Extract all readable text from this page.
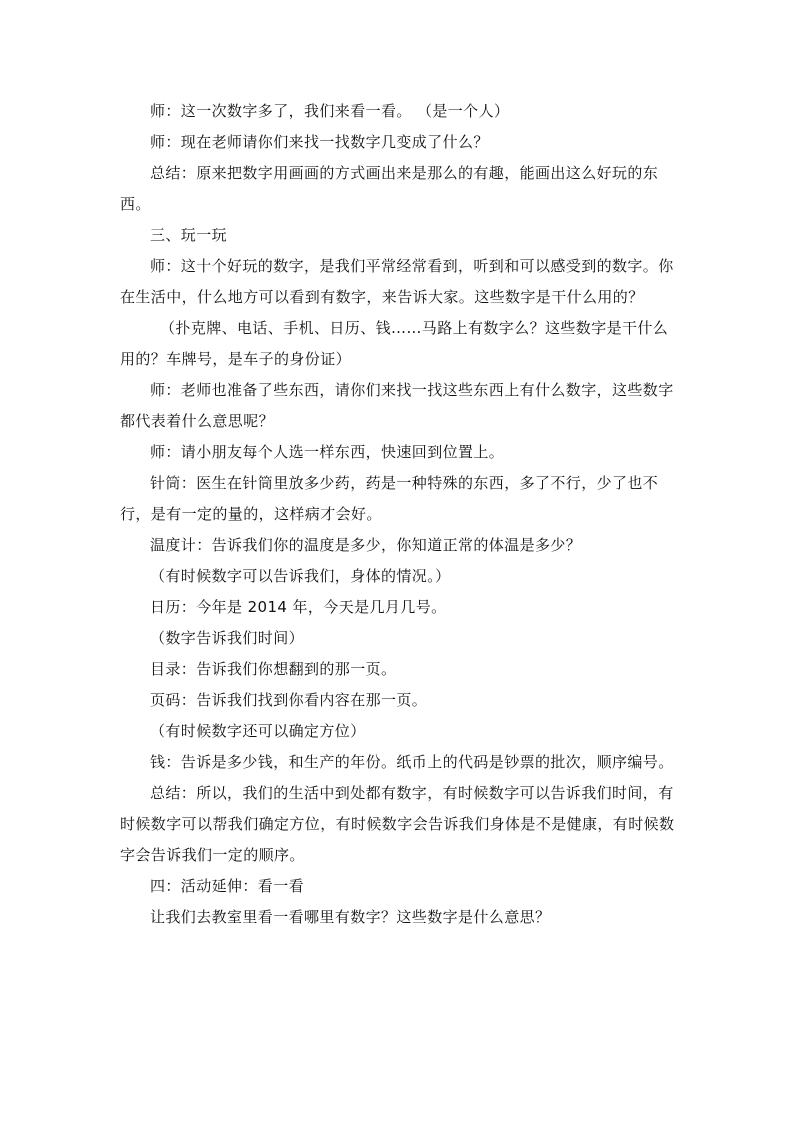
师：这一次数字多了，我们来看一看。 （是一个人）

师：现在老师请你们来找一找数字几变成了什么？

总结：原来把数字用画画的方式画出来是那么的有趣，能画出这么好玩的东西。

三、玩一玩

师：这十个好玩的数字，是我们平常经常看到，听到和可以感受到的数字。你在生活中，什么地方可以看到有数字，来告诉大家。这些数字是干什么用的？

（扑克牌、电话、手机、日历、钱……马路上有数字么？这些数字是干什么用的？车牌号，是车子的身份证）

师：老师也准备了些东西，请你们来找一找这些东西上有什么数字，这些数字都代表着什么意思呢？

师：请小朋友每个人选一样东西，快速回到位置上。

针筒：医生在针筒里放多少药，药是一种特殊的东西，多了不行，少了也不行，是有一定的量的，这样病才会好。

温度计：告诉我们你的温度是多少，你知道正常的体温是多少？

（有时候数字可以告诉我们，身体的情况。）

日历：今年是 2014 年，今天是几月几号。

（数字告诉我们时间）

目录：告诉我们你想翻到的那一页。

页码：告诉我们找到你看内容在那一页。

（有时候数字还可以确定方位）

钱：告诉是多少钱，和生产的年份。纸币上的代码是钞票的批次，顺序编号。

总结：所以，我们的生活中到处都有数字，有时候数字可以告诉我们时间，有时候数字可以帮我们确定方位，有时候数字会告诉我们身体是不是健康，有时候数字会告诉我们一定的顺序。

四：活动延伸：看一看

让我们去教室里看一看哪里有数字？这些数字是什么意思？
